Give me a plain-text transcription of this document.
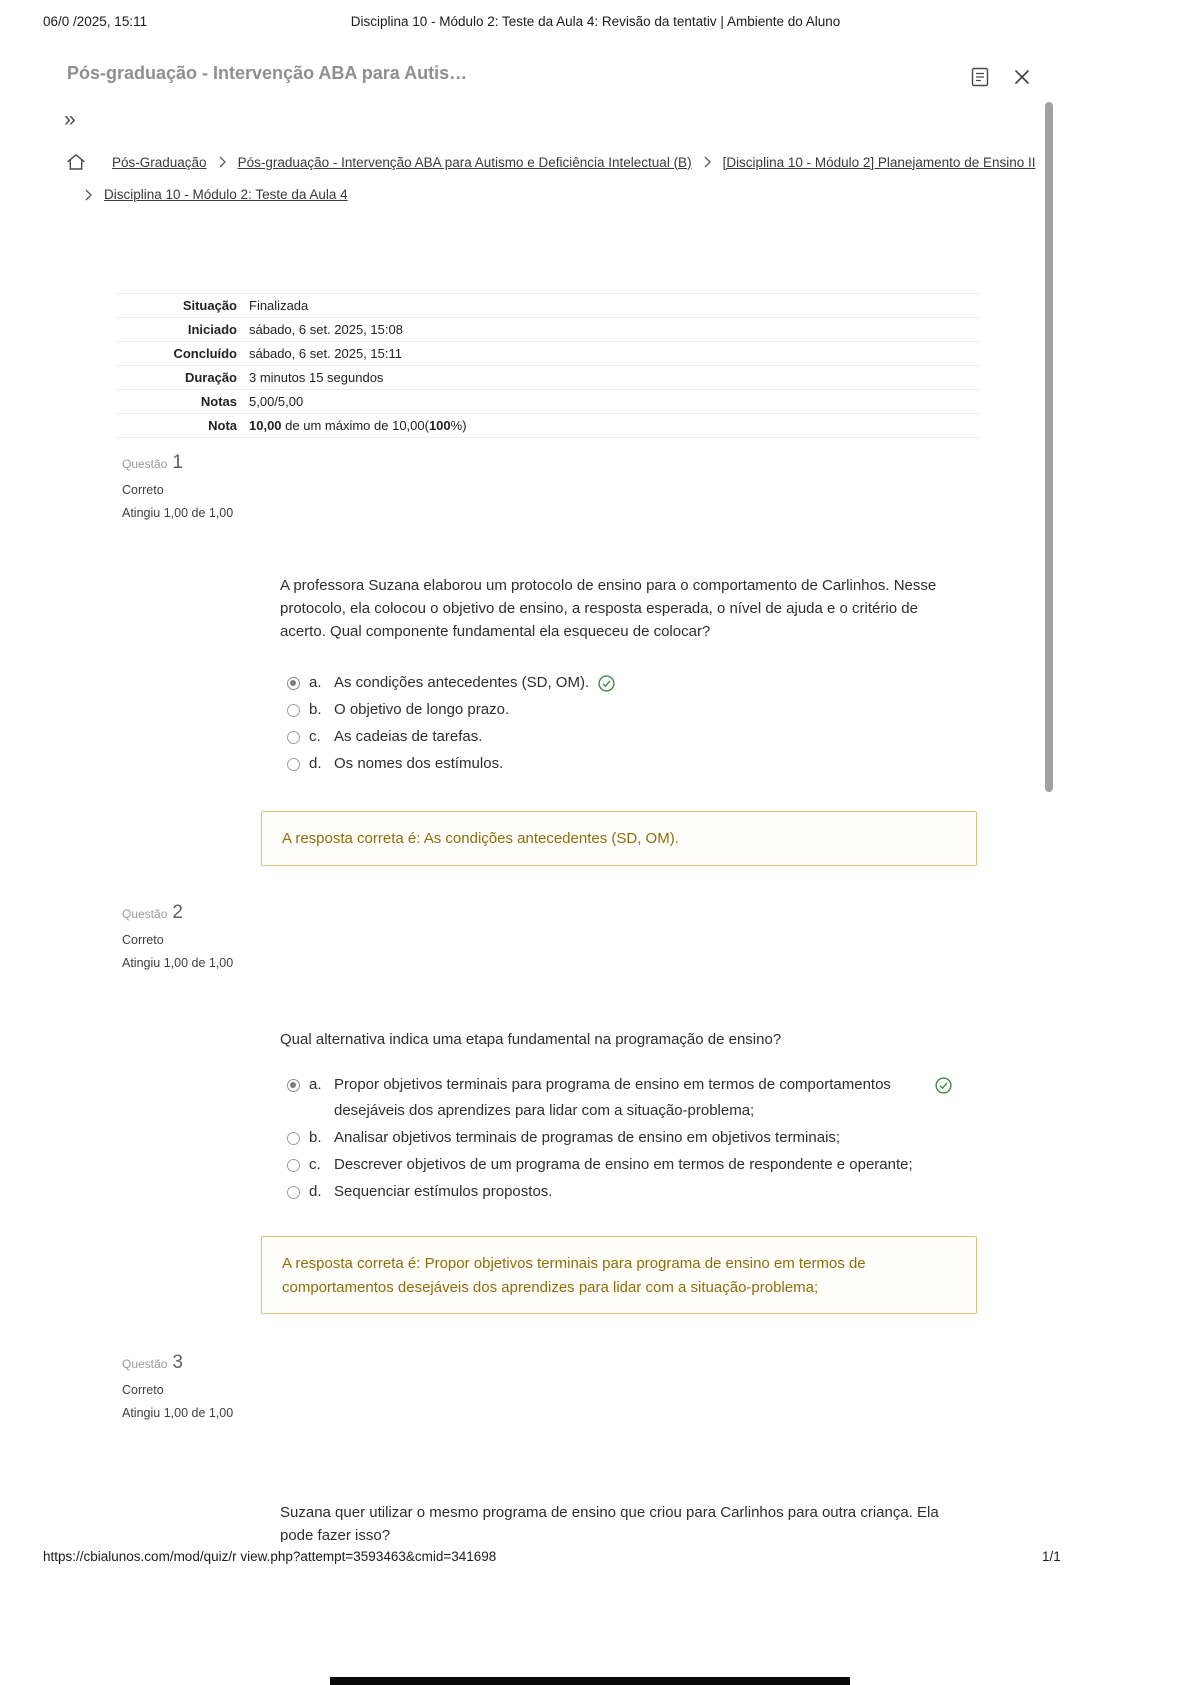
06/0 /2025, 15:11	Disciplina 10 - Módulo 2: Teste da Aula 4: Revisão da tentativ | Ambiente do Aluno
Pós-graduação - Intervenção ABA para Autis…
»
Pós-Graduação Pós-graduação - Intervenção ABA para Autismo e Deficiência Intelectual (B) [Disciplina 10 - Módulo 2] Planejamento de Ensino II
Disciplina 10 - Módulo 2: Teste da Aula 4
Situação Finalizada
Iniciado sábado, 6 set. 2025, 15:08
Concluído sábado, 6 set. 2025, 15:11
Duração 3 minutos 15 segundos
Notas 5,00/5,00
Nota 10,00 de um máximo de 10,00(100%)
Questão 1
Correto
Atingiu 1,00 de 1,00
A professora Suzana elaborou um protocolo de ensino para o comportamento de Carlinhos. Nesse protocolo, ela colocou o objetivo de ensino, a resposta esperada, o nível de ajuda e o critério de acerto. Qual componente fundamental ela esqueceu de colocar?
a. As condições antecedentes (SD, OM).
b. O objetivo de longo prazo.
c. As cadeias de tarefas.
d. Os nomes dos estímulos.
A resposta correta é: As condições antecedentes (SD, OM).
Questão 2
Correto
Atingiu 1,00 de 1,00
Qual alternativa indica uma etapa fundamental na programação de ensino?
a. Propor objetivos terminais para programa de ensino em termos de comportamentos desejáveis dos aprendizes para lidar com a situação-problema;
b. Analisar objetivos terminais de programas de ensino em objetivos terminais;
c. Descrever objetivos de um programa de ensino em termos de respondente e operante;
d. Sequenciar estímulos propostos.
A resposta correta é: Propor objetivos terminais para programa de ensino em termos de comportamentos desejáveis dos aprendizes para lidar com a situação-problema;
Questão 3
Correto
Atingiu 1,00 de 1,00
Suzana quer utilizar o mesmo programa de ensino que criou para Carlinhos para outra criança. Ela pode fazer isso?
https://cbialunos.com/mod/quiz/r view.php?attempt=3593463&cmid=341698	1/1
